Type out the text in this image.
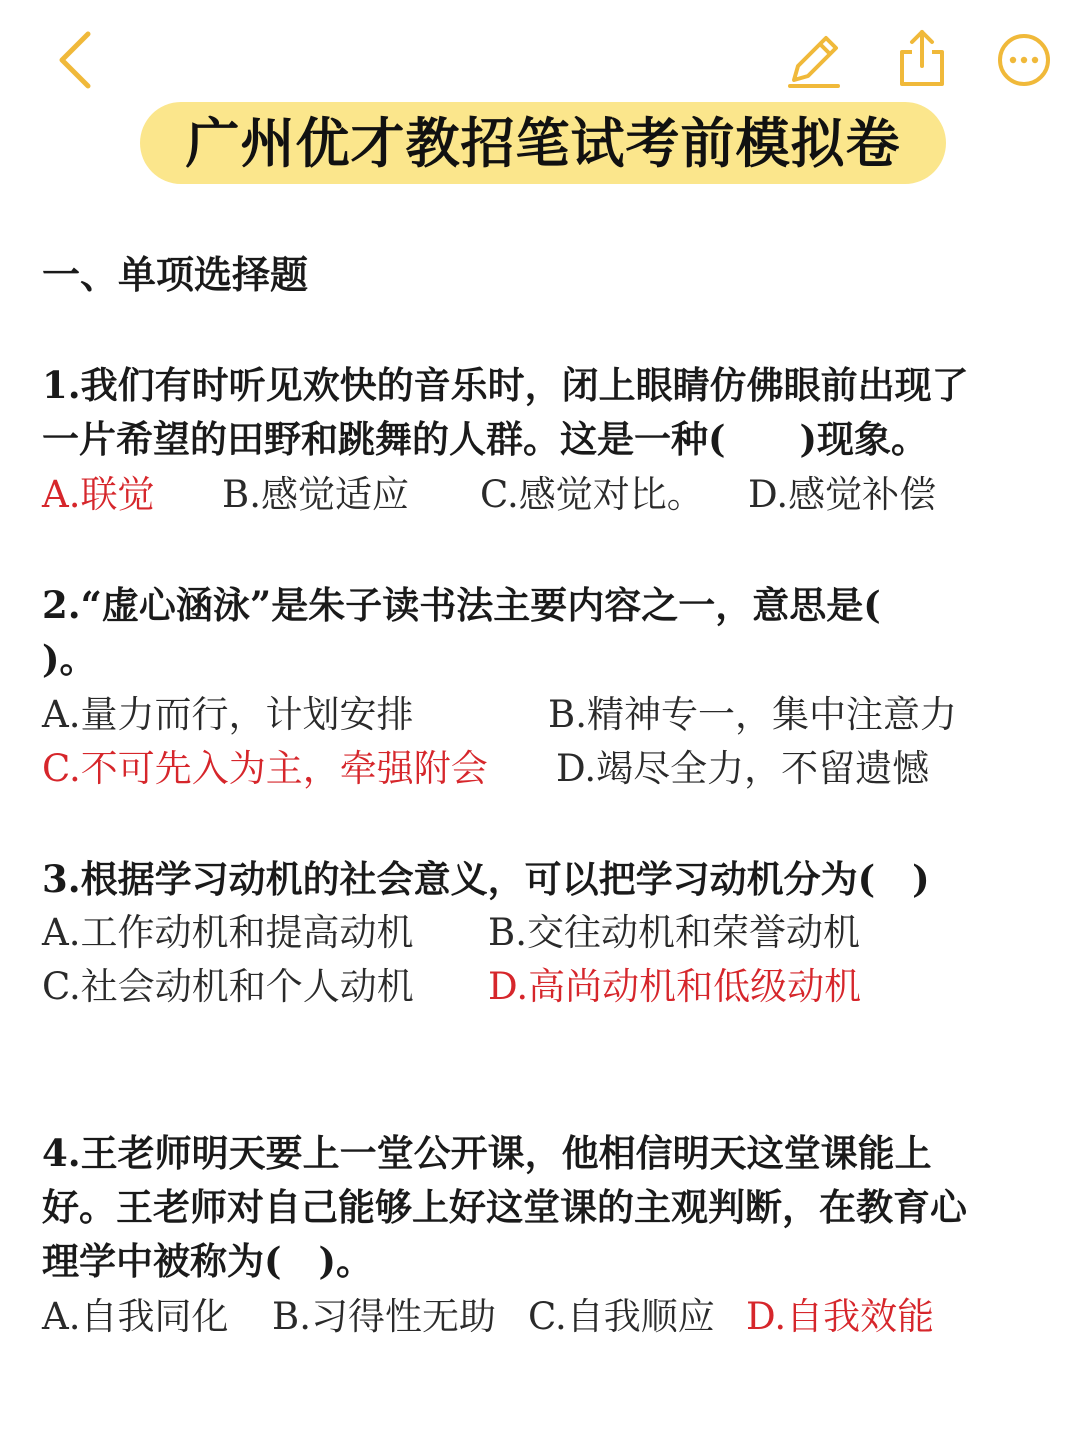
广州优才教招笔试考前模拟卷
一、单项选择题
1.我们有时听见欢快的音乐时，闭上眼睛仿佛眼前出现了
一片希望的田野和跳舞的人群。这是一种(　　)现象。
A.联觉 B.感觉适应 C.感觉对比。 D.感觉补偿
2.“虚心涵泳”是朱子读书法主要内容之一，意思是(
)。
A.量力而行，计划安排	B.精神专一，集中注意力
C.不可先入为主，牵强附会 D.竭尽全力，不留遗憾
3.根据学习动机的社会意义，可以把学习动机分为(　)
A.工作动机和提高动机 B.交往动机和荣誉动机
C.社会动机和个人动机 D.高尚动机和低级动机
4.王老师明天要上一堂公开课，他相信明天这堂课能上
好。王老师对自己能够上好这堂课的主观判断，在教育心
理学中被称为(　)。
A.自我同化 B.习得性无助 C.自我顺应 D.自我效能
